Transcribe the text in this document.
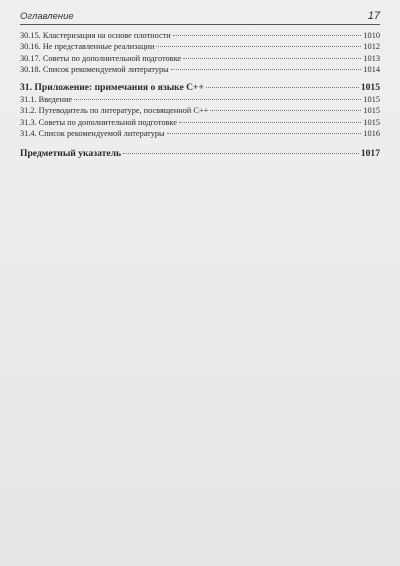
Оглавление	17
30.15. Кластеризация на основе плотности	1010
30.16. Не представленные реализации	1012
30.17. Советы по дополнительной подготовке	1013
30.18. Список рекомендуемой литературы	1014
31. Приложение: примечания о языке C++	1015
31.1. Введение	1015
31.2. Путеводитель по литературе, посвященной C++	1015
31.3. Советы по дополнительной подготовке	1015
31.4. Список рекомендуемой литературы	1016
Предметный указатель	1017
